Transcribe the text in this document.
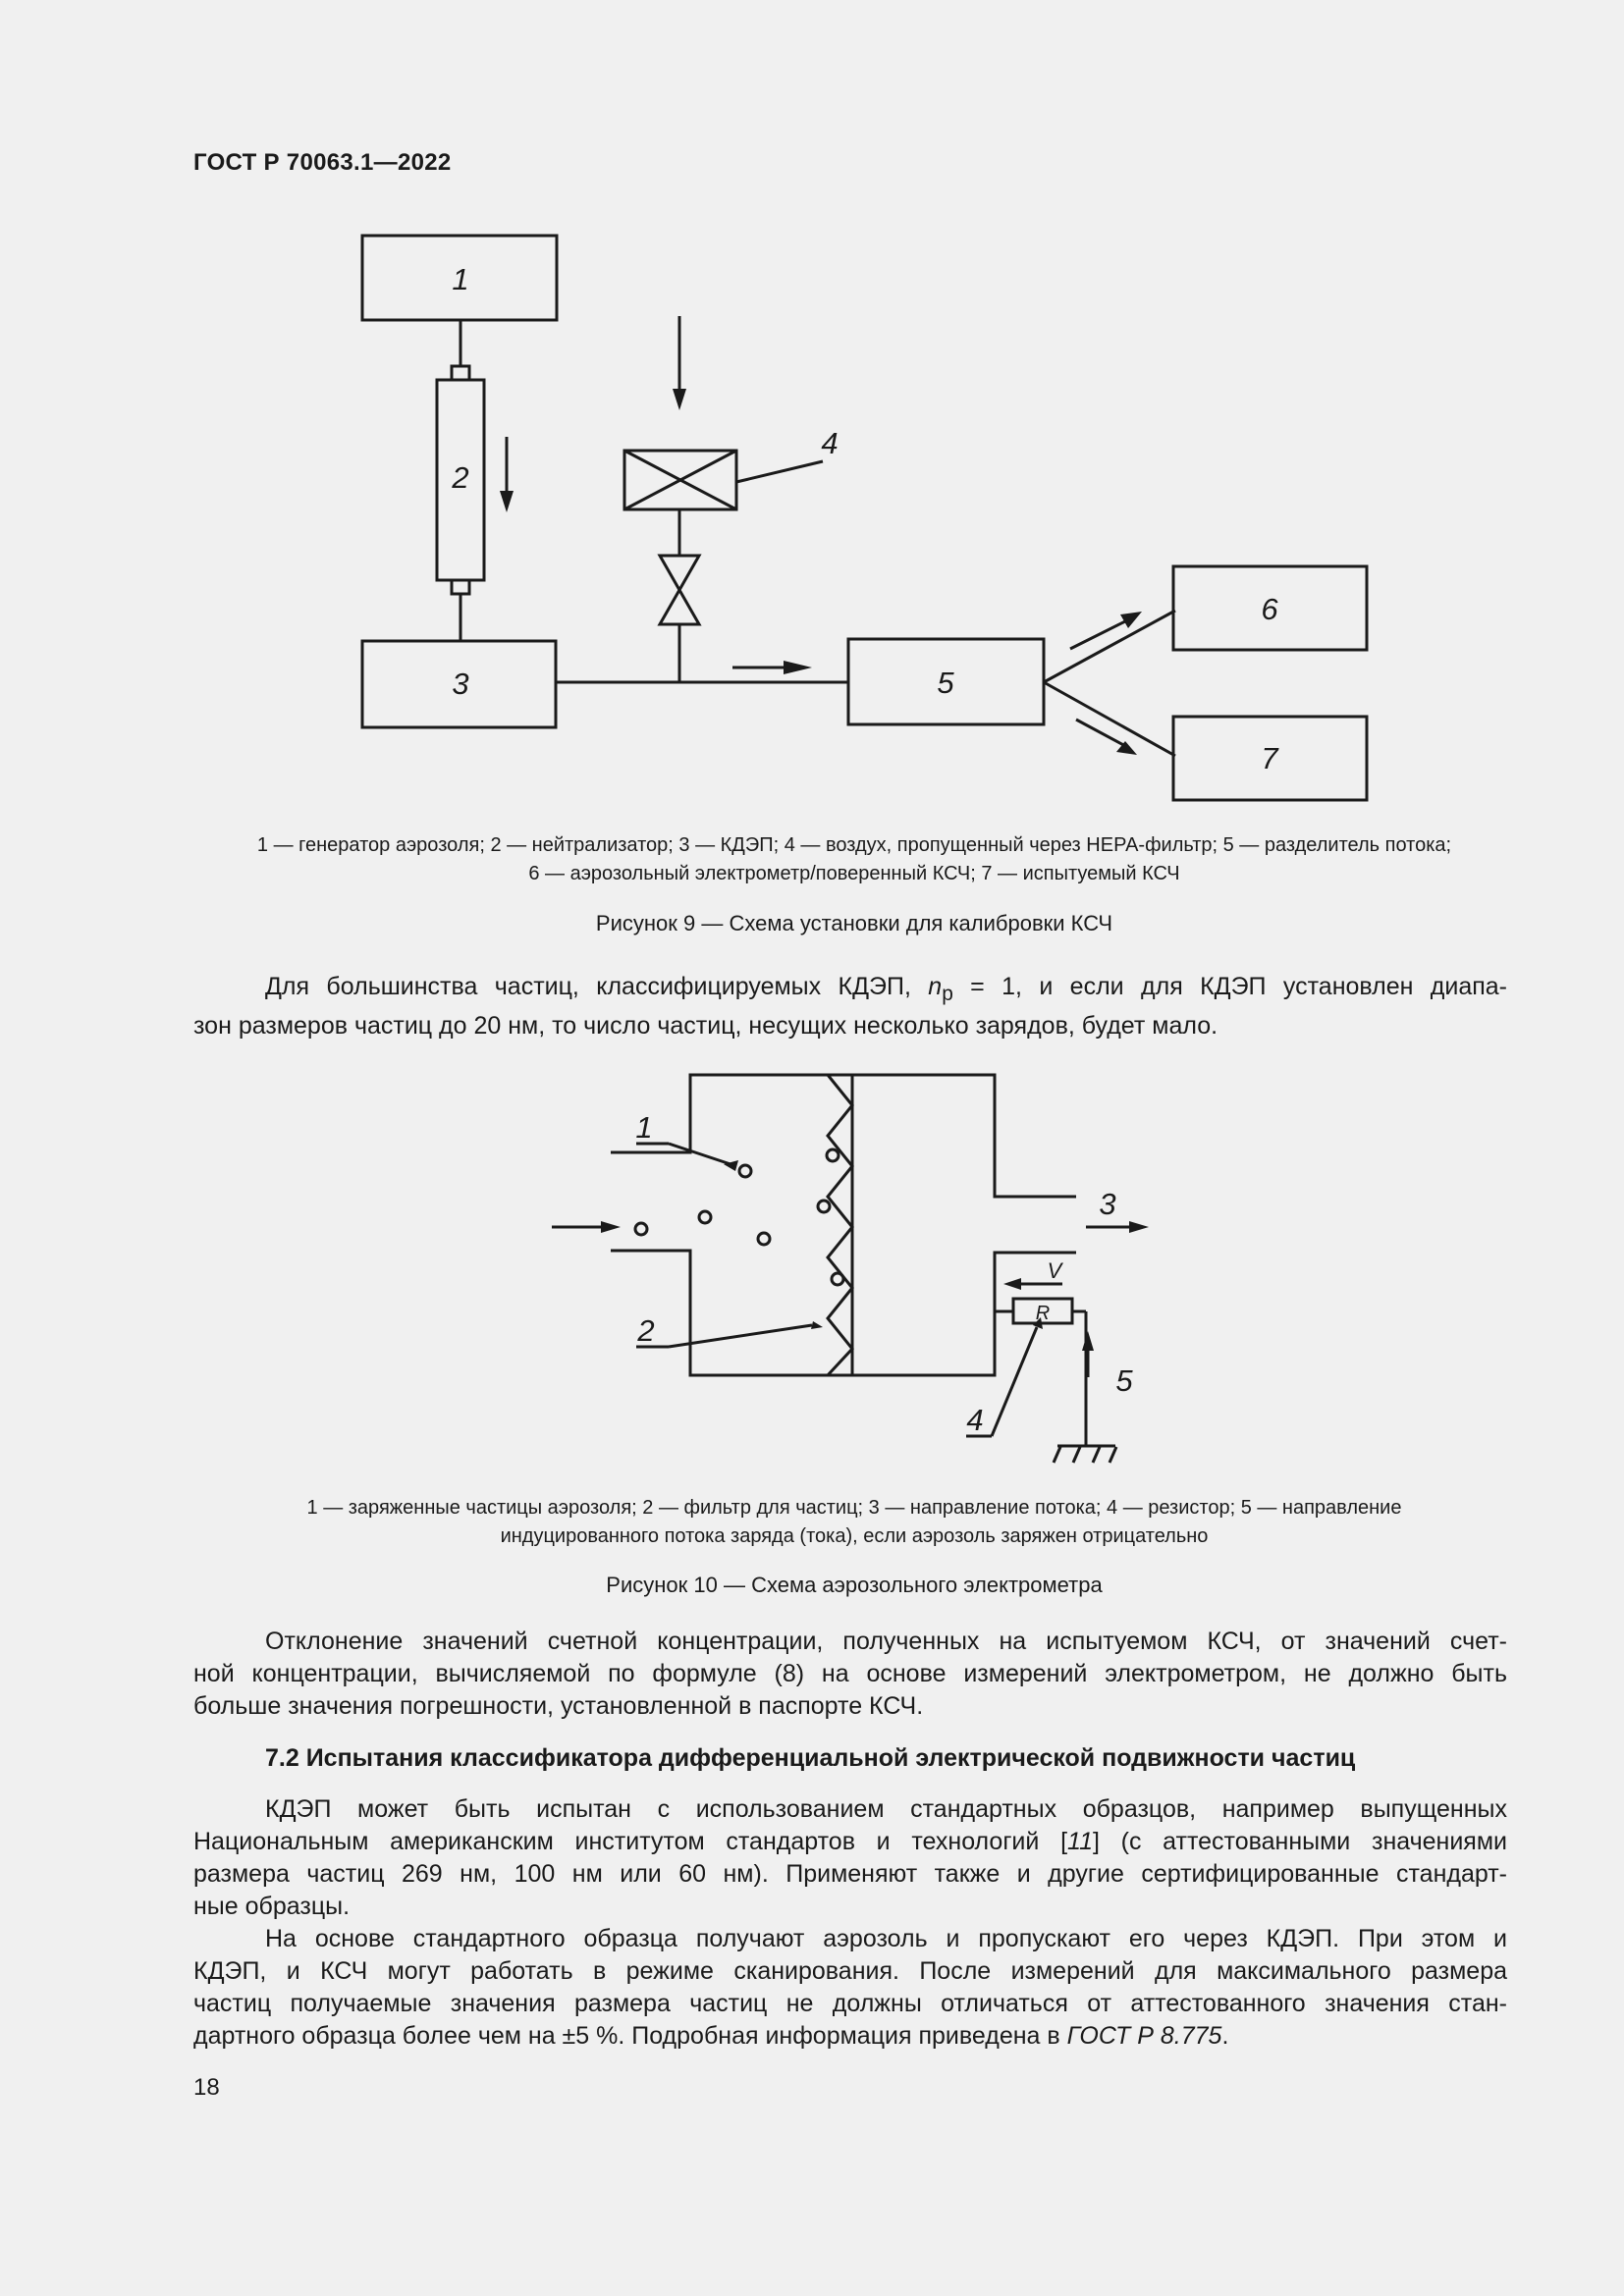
ГОСТ Р 70063.1—2022
1
2
3
4
5
6
7
1 — генератор аэрозоля; 2 — нейтрализатор; 3 — КДЭП; 4 — воздух, пропущенный через НЕРА-фильтр; 5 — разделитель потока;
6 — аэрозольный электрометр/поверенный КСЧ; 7 — испытуемый КСЧ
Рисунок 9 — Схема установки для калибровки КСЧ
Для большинства частиц, классифицируемых КДЭП, $n_р = 1$, и если для КДЭП установлен диапа-
зон размеров частиц до 20 нм, то число частиц, несущих несколько зарядов, будет мало.
1
2
3
4
5
V
R
1 — заряженные частицы аэрозоля; 2 — фильтр для частиц; 3 — направление потока; 4 — резистор; 5 — направление
индуцированного потока заряда (тока), если аэрозоль заряжен отрицательно
Рисунок 10 — Схема аэрозольного электрометра
Отклонение значений счетной концентрации, полученных на испытуемом КСЧ, от значений счет-
ной концентрации, вычисляемой по формуле (8) на основе измерений электрометром, не должно быть
больше значения погрешности, установленной в паспорте КСЧ.
7.2 Испытания классификатора дифференциальной электрической подвижности частиц
КДЭП может быть испытан с использованием стандартных образцов, например выпущенных
Национальным американским институтом стандартов и технологий [11] (с аттестованными значениями
размера частиц 269 нм, 100 нм или 60 нм). Применяют также и другие сертифицированные стандарт-
ные образцы.
На основе стандартного образца получают аэрозоль и пропускают его через КДЭП. При этом и
КДЭП, и КСЧ могут работать в режиме сканирования. После измерений для максимального размера
частиц получаемые значения размера частиц не должны отличаться от аттестованного значения стан-
дартного образца более чем на ±5 %. Подробная информация приведена в ГОСТ Р 8.775.
18
